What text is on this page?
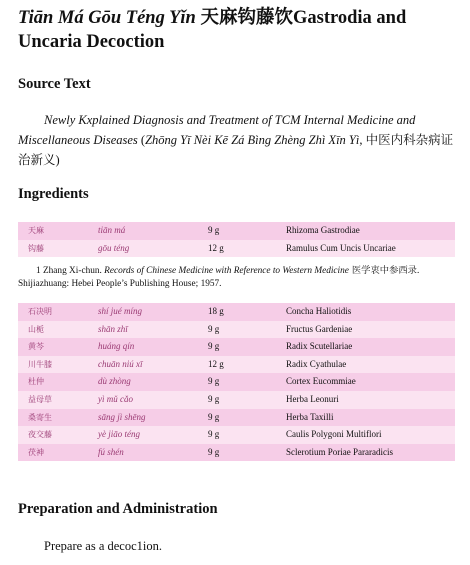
Tiān Má Gōu Téng Yǐn 天麻钩藤饮Gastrodia and Uncaria Decoction
Source Text
Newly Kxplained Diagnosis and Treatment of TCM Internal Medicine and Miscellaneous Diseases (Zhōng Yī Nèi Kē Zá Bìng Zhèng Zhì Xīn Yì, 中医内科杂病证治新义)
Ingredients
天麻	tiān má	9 g	Rhizoma Gastrodiae
钩藤	gōu téng	12 g	Ramulus Cum Uncis Uncariae
1 Zhang Xi-chun. Records of Chinese Medicine with Reference to Western Medicine 医学衷中参西录. Shijiazhuang: Hebei People’s Publishing House; 1957.
石决明	shí jué míng	18 g	Concha Haliotidis
山栀	shān zhī	9 g	Fructus Gardeniae
黄芩	huáng qín	9 g	Radix Scutellariae
川牛膝	chuān niú xī	12 g	Radix Cyathulae
杜仲	dù zhòng	9 g	Cortex Eucommiae
益母草	yì mǔ cǎo	9 g	Herba Leonuri
桑寄生	sāng jì shēng	9 g	Herba Taxilli
夜交藤	yè jiāo téng	9 g	Caulis Polygoni Multiflori
茯神	fú shén	9 g	Sclerotium Poriae Pararadicis
Preparation and Administration
Prepare as a decoc1ion.
